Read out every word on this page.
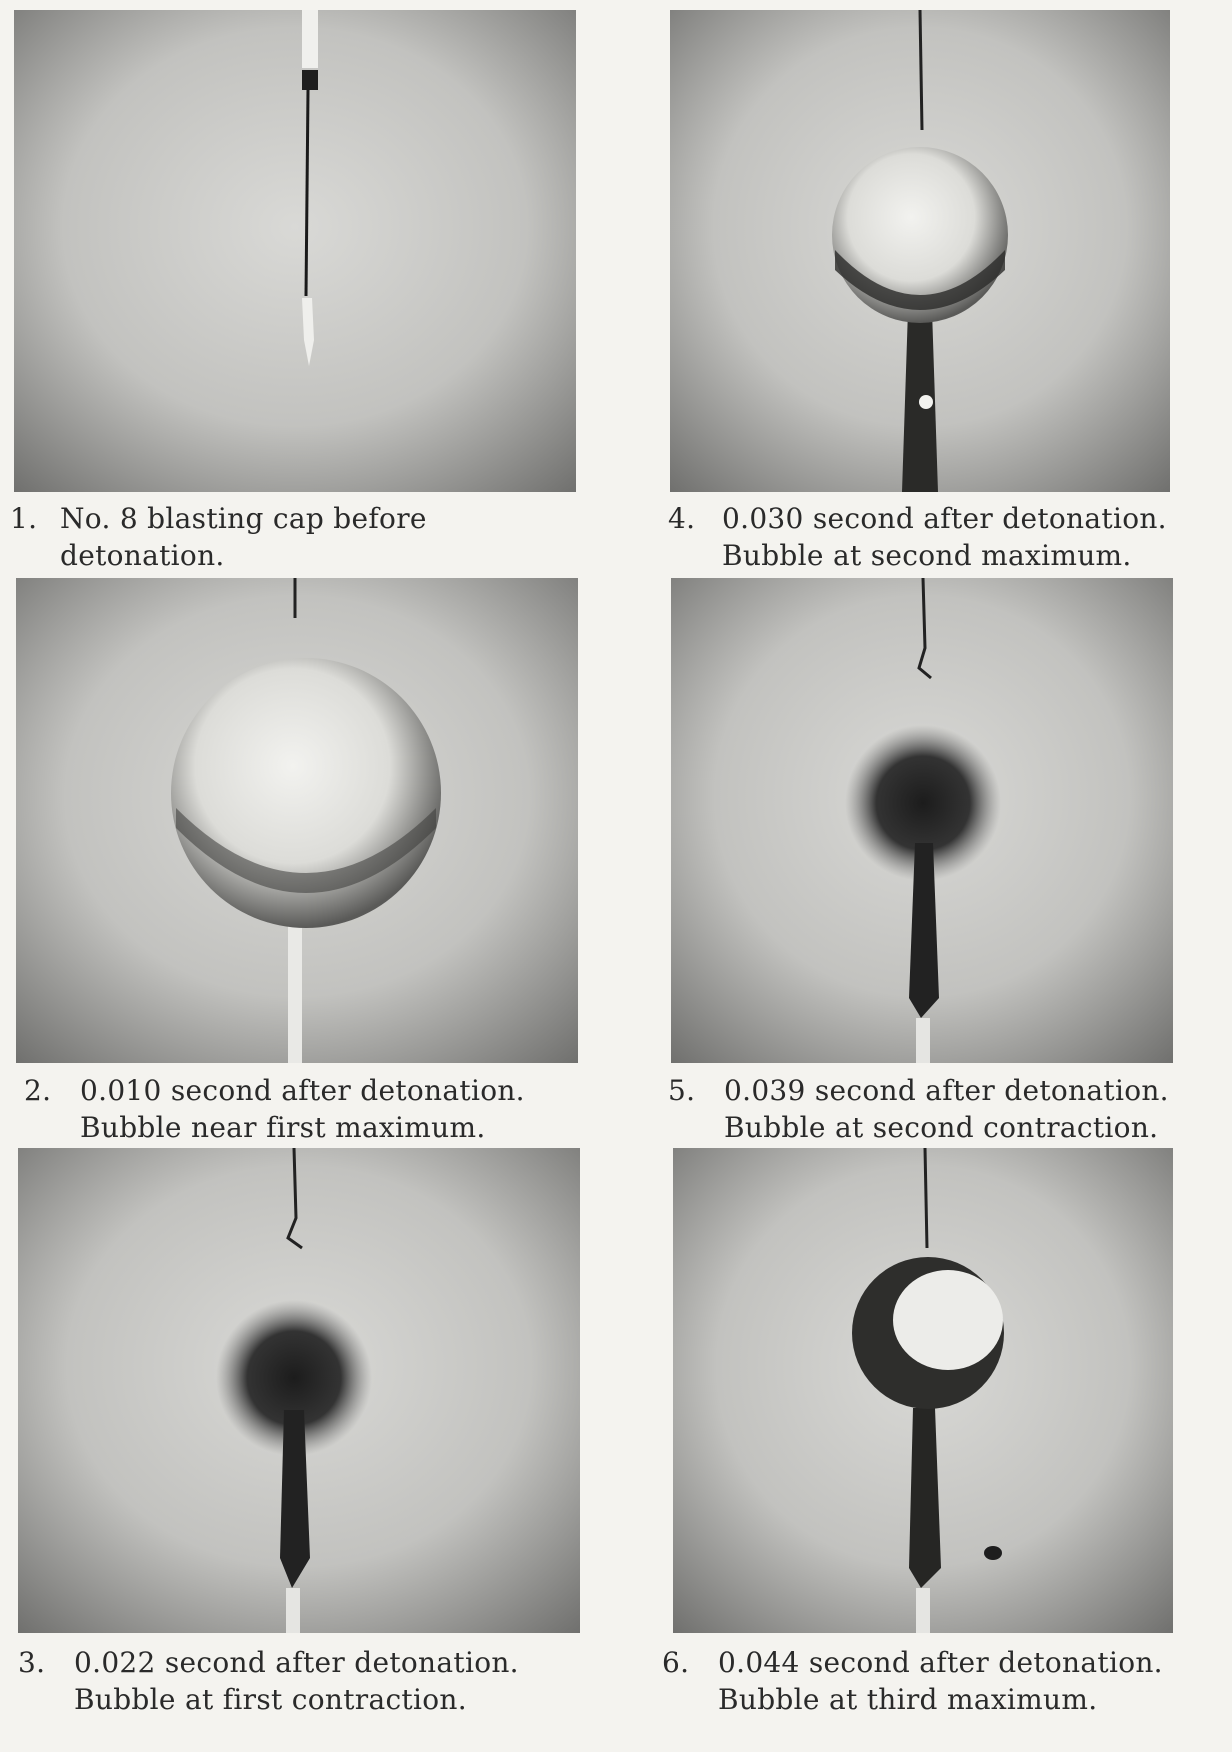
1. No. 8 blasting cap before
detonation.
4. 0.030 second after detonation.
Bubble at second maximum.
2. 0.010 second after detonation.
Bubble near first maximum.
5. 0.039 second after detonation.
Bubble at second contraction.
3. 0.022 second after detonation.
Bubble at first contraction.
6. 0.044 second after detonation.
Bubble at third maximum.
